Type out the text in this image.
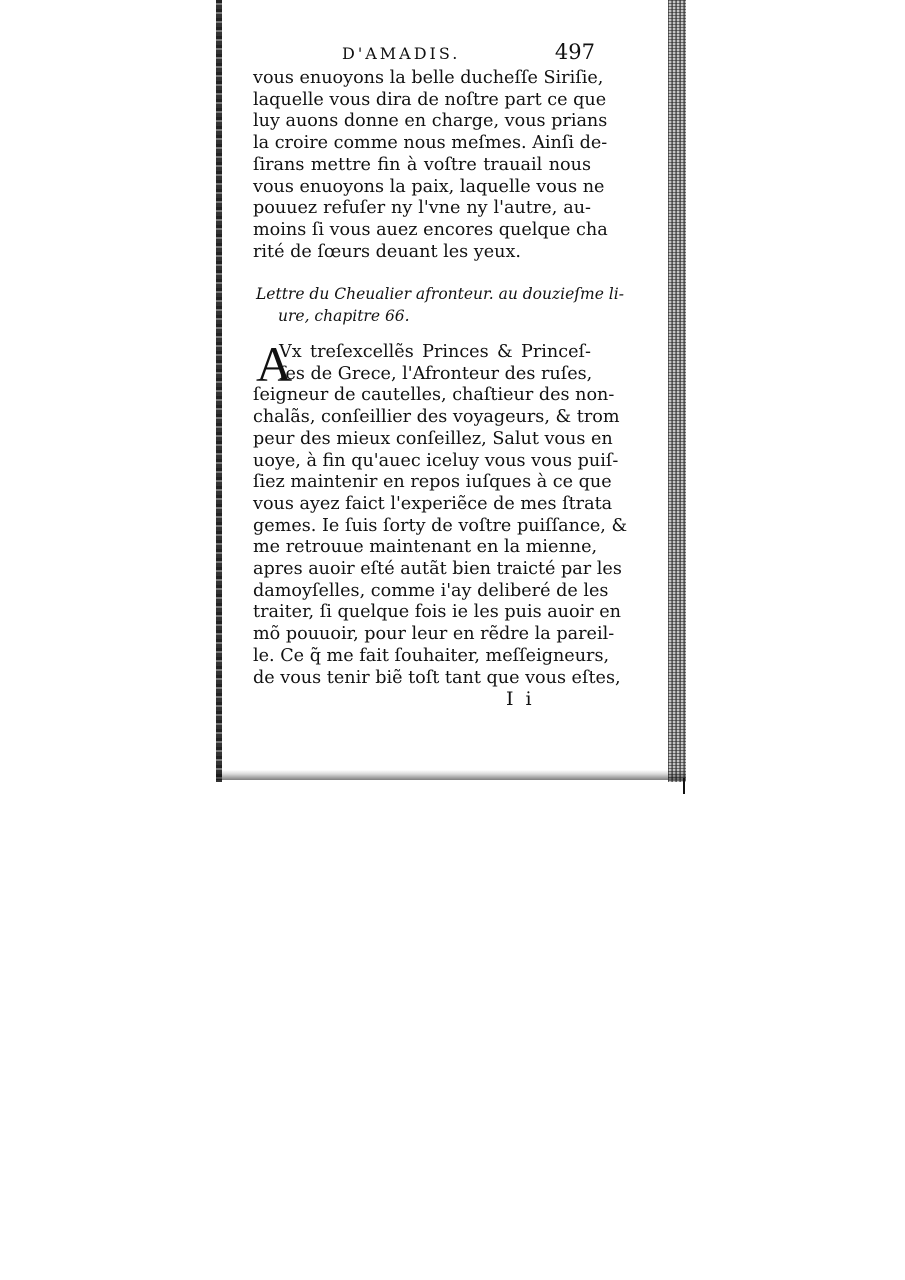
D'AMADIS.	497
vous enuoyons la belle ducheſſe Siriſie,
laquelle vous dira de noſtre part ce que
luy auons donne en charge, vous prians
la croire comme nous meſmes. Ainſi de-
ſirans mettre fin à voſtre trauail nous
vous enuoyons la paix, laquelle vous ne
pouuez refuſer ny l'vne ny l'autre, au-
moins ſi vous auez encores quelque cha
rité de ſœurs deuant les yeux.
Lettre du Cheualier afronteur. au douzieſme li-
ure, chapitre 66.
A
Vx treſexcellẽs Princes & Princeſ-
ſes de Grece, l'Afronteur des ruſes,
ſeigneur de cautelles, chaſtieur des non-
chalãs, conſeillier des voyageurs, & trom
peur des mieux conſeillez, Salut vous en
uoye, à fin qu'auec iceluy vous vous puiſ-
ſiez maintenir en repos iuſques à ce que
vous ayez faict l'experiẽce de mes ſtrata
gemes. Ie ſuis ſorty de voſtre puiſſance, &
me retrouue maintenant en la mienne,
apres auoir eſté autãt bien traicté par les
damoyſelles, comme i'ay deliberé de les
traiter, ſi quelque fois ie les puis auoir en
mõ pouuoir, pour leur en rẽdre la pareil-
le. Ce q̃ me fait ſouhaiter, meſſeigneurs,
de vous tenir biẽ toſt tant que vous eſtes,
I i
